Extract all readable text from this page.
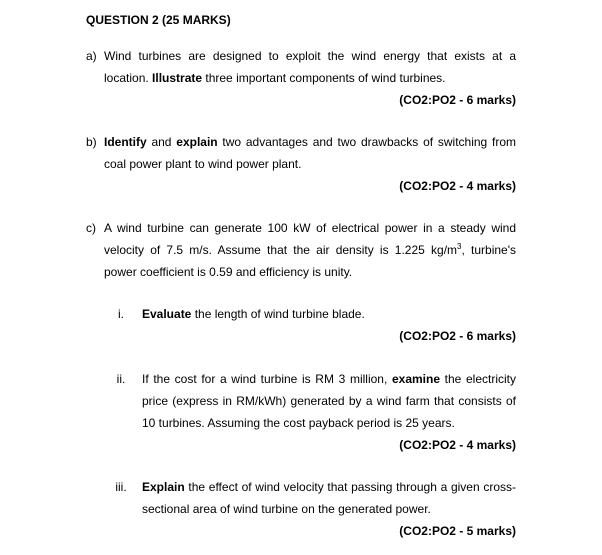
QUESTION 2 (25 MARKS)
a) Wind turbines are designed to exploit the wind energy that exists at a location. Illustrate three important components of wind turbines.
(CO2:PO2 - 6 marks)
b) Identify and explain two advantages and two drawbacks of switching from coal power plant to wind power plant.
(CO2:PO2 - 4 marks)
c) A wind turbine can generate 100 kW of electrical power in a steady wind velocity of 7.5 m/s. Assume that the air density is 1.225 $kg/m^3$, turbine's power coefficient is 0.59 and efficiency is unity.
i.	Evaluate the length of wind turbine blade.
(CO2:PO2 - 6 marks)
ii.	If the cost for a wind turbine is RM 3 million, examine the electricity price (express in RM/kWh) generated by a wind farm that consists of 10 turbines. Assuming the cost payback period is 25 years.
(CO2:PO2 - 4 marks)
iii.	Explain the effect of wind velocity that passing through a given cross-sectional area of wind turbine on the generated power.
(CO2:PO2 - 5 marks)
